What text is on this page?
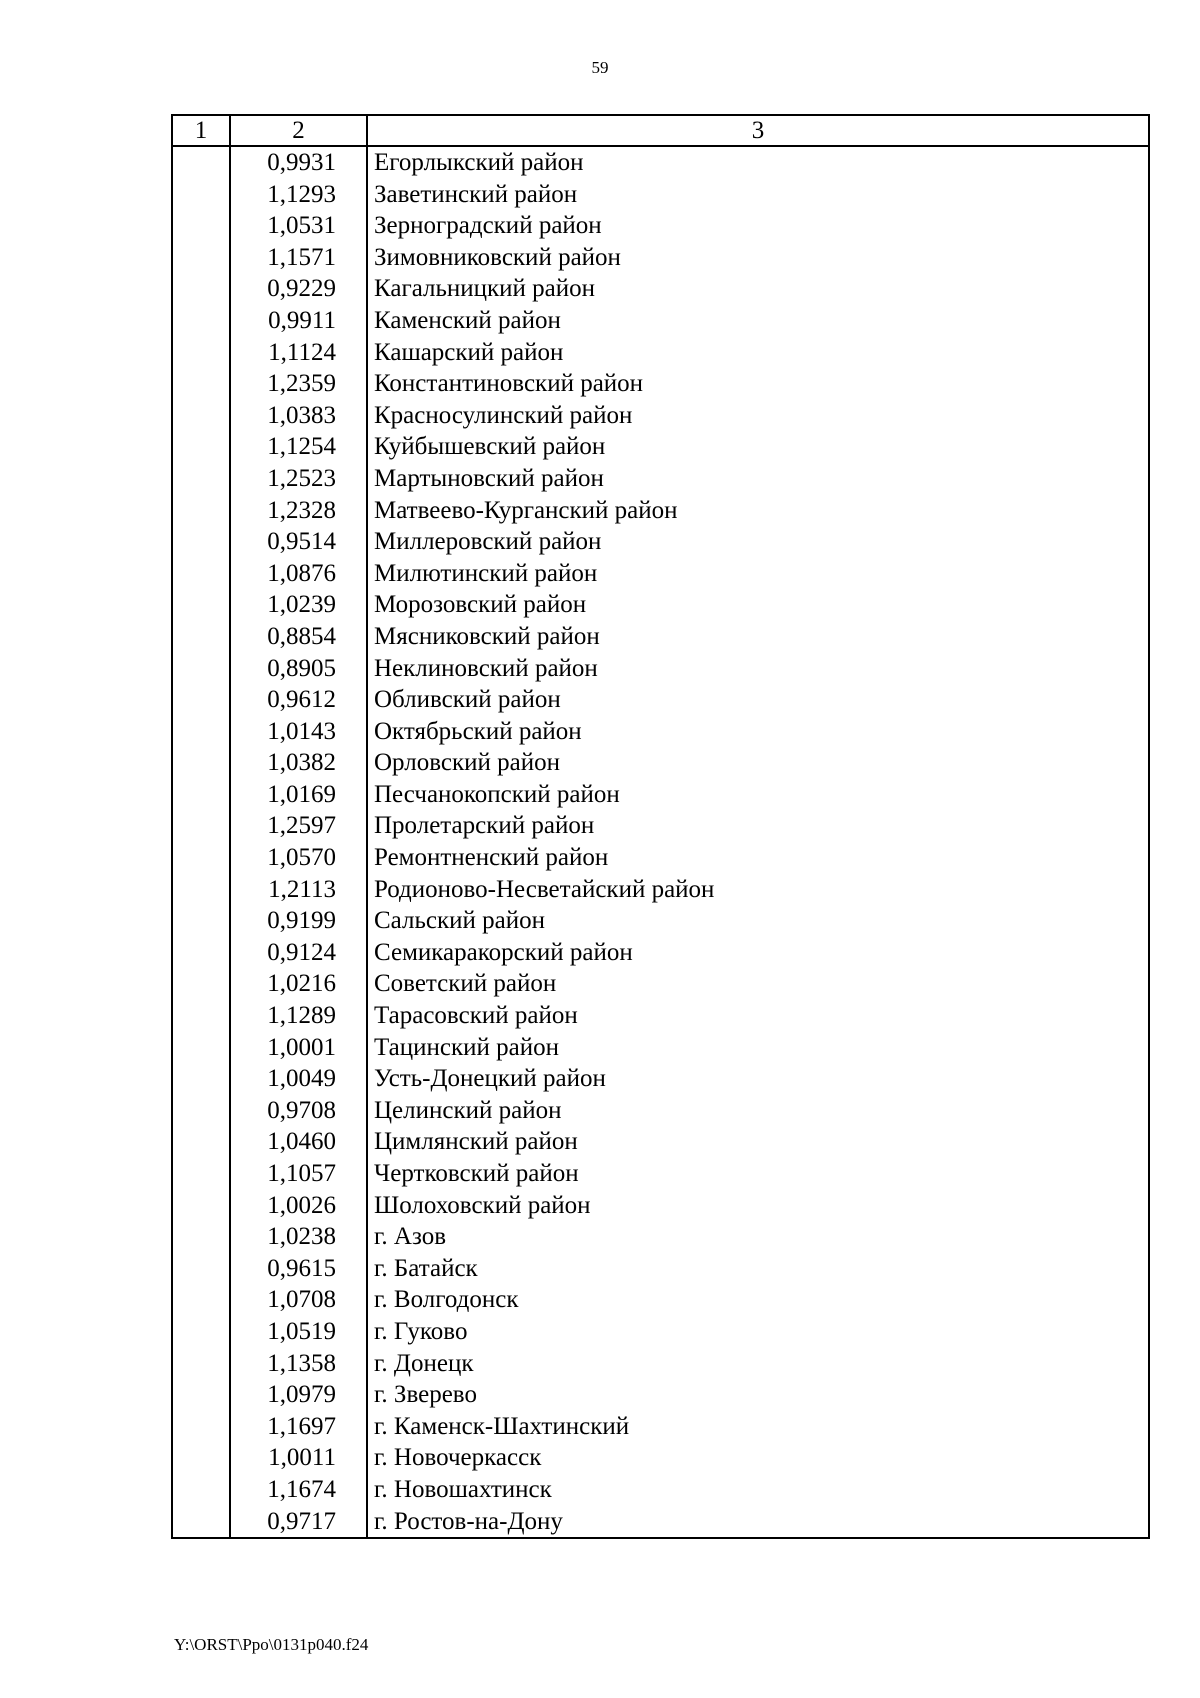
59
1	2	3
	0,9931	Егорлыкский район
	1,1293	Заветинский район
	1,0531	Зерноградский район
	1,1571	Зимовниковский район
	0,9229	Кагальницкий район
	0,9911	Каменский район
	1,1124	Кашарский район
	1,2359	Константиновский район
	1,0383	Красносулинский район
	1,1254	Куйбышевский район
	1,2523	Мартыновский район
	1,2328	Матвеево-Курганский район
	0,9514	Миллеровский район
	1,0876	Милютинский район
	1,0239	Морозовский район
	0,8854	Мясниковский район
	0,8905	Неклиновский район
	0,9612	Обливский район
	1,0143	Октябрьский район
	1,0382	Орловский район
	1,0169	Песчанокопский район
	1,2597	Пролетарский район
	1,0570	Ремонтненский район
	1,2113	Родионово-Несветайский район
	0,9199	Сальский район
	0,9124	Семикаракорский район
	1,0216	Советский район
	1,1289	Тарасовский район
	1,0001	Тацинский район
	1,0049	Усть-Донецкий район
	0,9708	Целинский район
	1,0460	Цимлянский район
	1,1057	Чертковский район
	1,0026	Шолоховский район
	1,0238	г. Азов
	0,9615	г. Батайск
	1,0708	г. Волгодонск
	1,0519	г. Гуково
	1,1358	г. Донецк
	1,0979	г. Зверево
	1,1697	г. Каменск-Шахтинский
	1,0011	г. Новочеркасск
	1,1674	г. Новошахтинск
	0,9717	г. Ростов-на-Дону
Y:\ORST\Ppo\0131p040.f24
